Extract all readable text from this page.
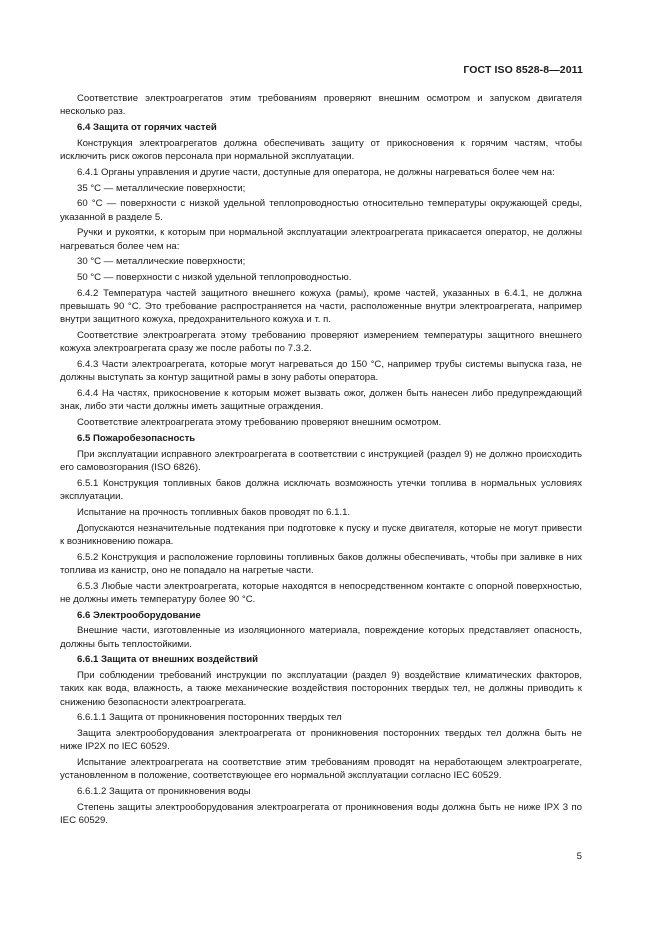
ГОСТ ISO 8528-8—2011
Соответствие электроагрегатов этим требованиям проверяют внешним осмотром и запуском двигателя несколько раз.
6.4 Защита от горячих частей
Конструкция электроагрегатов должна обеспечивать защиту от прикосновения к горячим частям, чтобы исключить риск ожогов персонала при нормальной эксплуатации.
6.4.1 Органы управления и другие части, доступные для оператора, не должны нагреваться более чем на:
35 °С — металлические поверхности;
60 °С — поверхности с низкой удельной теплопроводностью относительно температуры окружающей среды, указанной в разделе 5.
Ручки и рукоятки, к которым при нормальной эксплуатации электроагрегата прикасается оператор, не должны нагреваться более чем на:
30 °С — металлические поверхности;
50 °С — поверхности с низкой удельной теплопроводностью.
6.4.2 Температура частей защитного внешнего кожуха (рамы), кроме частей, указанных в 6.4.1, не должна превышать 90 °С. Это требование распространяется на части, расположенные внутри электроагрегата, например внутри защитного кожуха, предохранительного кожуха и т. п.
Соответствие электроагрегата этому требованию проверяют измерением температуры защитного внешнего кожуха электроагрегата сразу же после работы по 7.3.2.
6.4.3 Части электроагрегата, которые могут нагреваться до 150 °С, например трубы системы выпуска газа, не должны выступать за контур защитной рамы в зону работы оператора.
6.4.4 На частях, прикосновение к которым может вызвать ожог, должен быть нанесен либо предупреждающий знак, либо эти части должны иметь защитные ограждения.
Соответствие электроагрегата этому требованию проверяют внешним осмотром.
6.5 Пожаробезопасность
При эксплуатации исправного электроагрегата в соответствии с инструкцией (раздел 9) не должно происходить его самовозгорания (ISO 6826).
6.5.1 Конструкция топливных баков должна исключать возможность утечки топлива в нормальных условиях эксплуатации.
Испытание на прочность топливных баков проводят по 6.1.1.
Допускаются незначительные подтекания при подготовке к пуску и пуске двигателя, которые не могут привести к возникновению пожара.
6.5.2 Конструкция и расположение горловины топливных баков должны обеспечивать, чтобы при заливке в них топлива из канистр, оно не попадало на нагретые части.
6.5.3 Любые части электроагрегата, которые находятся в непосредственном контакте с опорной поверхностью, не должны иметь температуру более 90 °С.
6.6 Электрооборудование
Внешние части, изготовленные из изоляционного материала, повреждение которых представляет опасность, должны быть теплостойкими.
6.6.1 Защита от внешних воздействий
При соблюдении требований инструкции по эксплуатации (раздел 9) воздействие климатических факторов, таких как вода, влажность, а также механические воздействия посторонних твердых тел, не должны приводить к снижению безопасности электроагрегата.
6.6.1.1 Защита от проникновения посторонних твердых тел
Защита электрооборудования электроагрегата от проникновения посторонних твердых тел должна быть не ниже IP2X по IEC 60529.
Испытание электроагрегата на соответствие этим требованиям проводят на неработающем электроагрегате, установленном в положение, соответствующее его нормальной эксплуатации согласно IEC 60529.
6.6.1.2 Защита от проникновения воды
Степень защиты электрооборудования электроагрегата от проникновения воды должна быть не ниже IPX 3 по IEC 60529.
5
